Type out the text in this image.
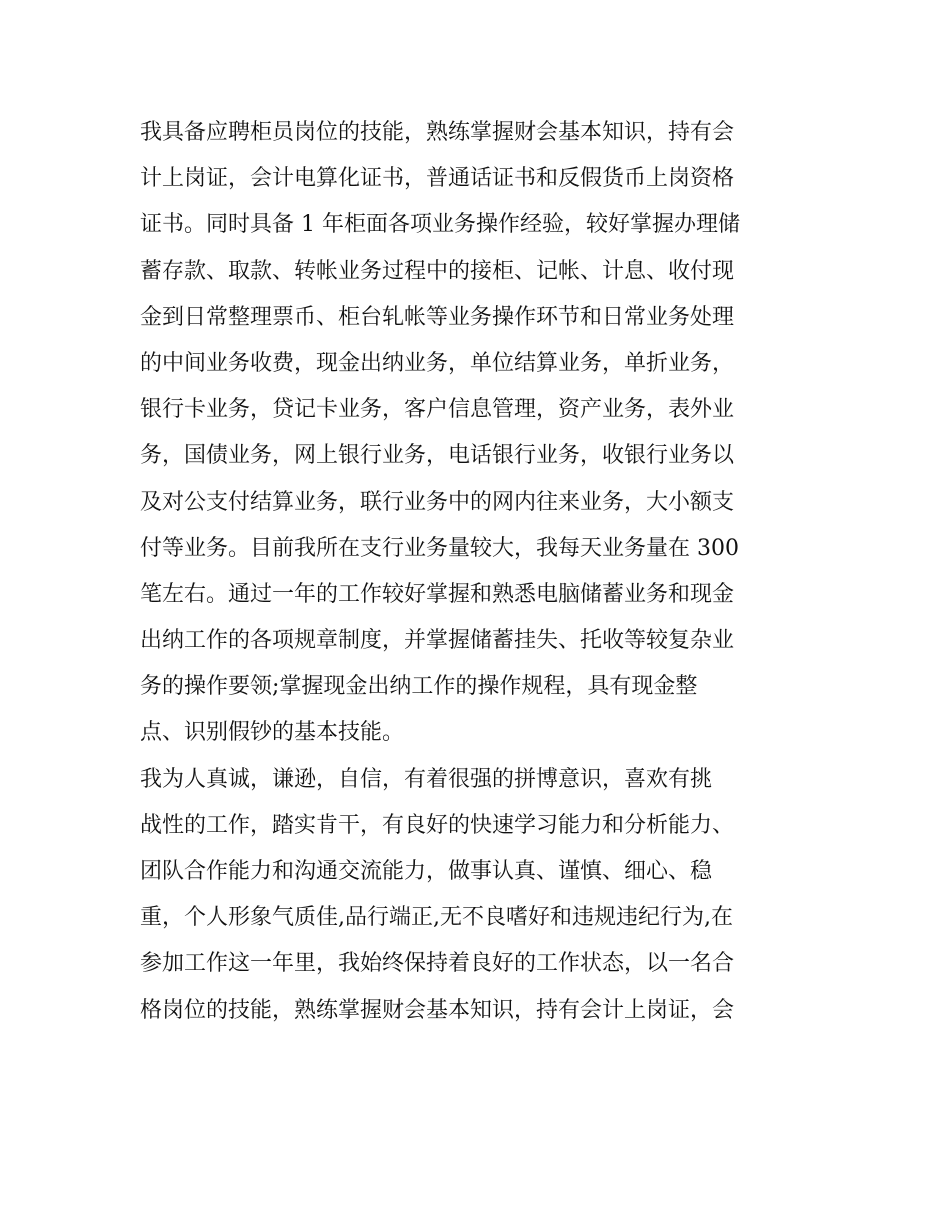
我具备应聘柜员岗位的技能，熟练掌握财会基本知识，持有会
计上岗证，会计电算化证书，普通话证书和反假货币上岗资格
证书。同时具备 1 年柜面各项业务操作经验，较好掌握办理储
蓄存款、取款、转帐业务过程中的接柜、记帐、计息、收付现
金到日常整理票币、柜台轧帐等业务操作环节和日常业务处理
的中间业务收费，现金出纳业务，单位结算业务，单折业务，
银行卡业务，贷记卡业务，客户信息管理，资产业务，表外业
务，国债业务，网上银行业务，电话银行业务，收银行业务以
及对公支付结算业务，联行业务中的网内往来业务，大小额支
付等业务。目前我所在支行业务量较大，我每天业务量在 300
笔左右。通过一年的工作较好掌握和熟悉电脑储蓄业务和现金
出纳工作的各项规章制度，并掌握储蓄挂失、托收等较复杂业
务的操作要领;掌握现金出纳工作的操作规程，具有现金整
点、识别假钞的基本技能。
我为人真诚，谦逊，自信，有着很强的拼博意识，喜欢有挑
战性的工作，踏实肯干，有良好的快速学习能力和分析能力、
团队合作能力和沟通交流能力，做事认真、谨慎、细心、稳
重，个人形象气质佳,品行端正,无不良嗜好和违规违纪行为,在
参加工作这一年里，我始终保持着良好的工作状态，以一名合
格岗位的技能，熟练掌握财会基本知识，持有会计上岗证，会
